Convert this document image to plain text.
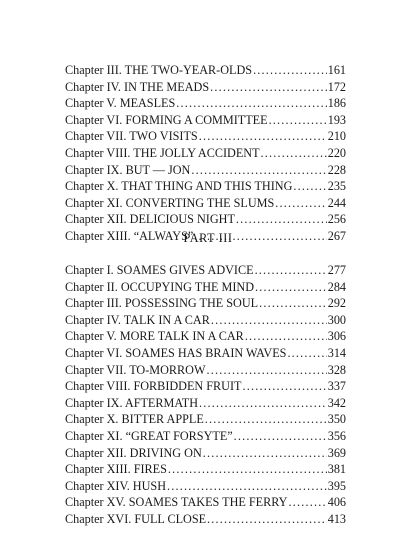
Chapter III. THE TWO-YEAR-OLDS .....	161
Chapter IV. IN THE MEADS .....	172
Chapter V. MEASLES .....	186
Chapter VI. FORMING A COMMITTEE .....	193
Chapter VII. TWO VISITS .....	210
Chapter VIII. THE JOLLY ACCIDENT .....	220
Chapter IX. BUT — JON .....	228
Chapter X. THAT THING AND THIS THING .....	235
Chapter XI. CONVERTING THE SLUMS .....	244
Chapter XII. DELICIOUS NIGHT .....	256
Chapter XIII. “ALWAYS” .....	267
PART III
Chapter I. SOAMES GIVES ADVICE .....	277
Chapter II. OCCUPYING THE MIND .....	284
Chapter III. POSSESSING THE SOUL .....	292
Chapter IV. TALK IN A CAR .....	300
Chapter V. MORE TALK IN A CAR .....	306
Chapter VI. SOAMES HAS BRAIN WAVES .....	314
Chapter VII. TO-MORROW .....	328
Chapter VIII. FORBIDDEN FRUIT .....	337
Chapter IX. AFTERMATH .....	342
Chapter X. BITTER APPLE .....	350
Chapter XI. “GREAT FORSYTE” .....	356
Chapter XII. DRIVING ON .....	369
Chapter XIII. FIRES .....	381
Chapter XIV. HUSH .....	395
Chapter XV. SOAMES TAKES THE FERRY .....	406
Chapter XVI. FULL CLOSE .....	413
